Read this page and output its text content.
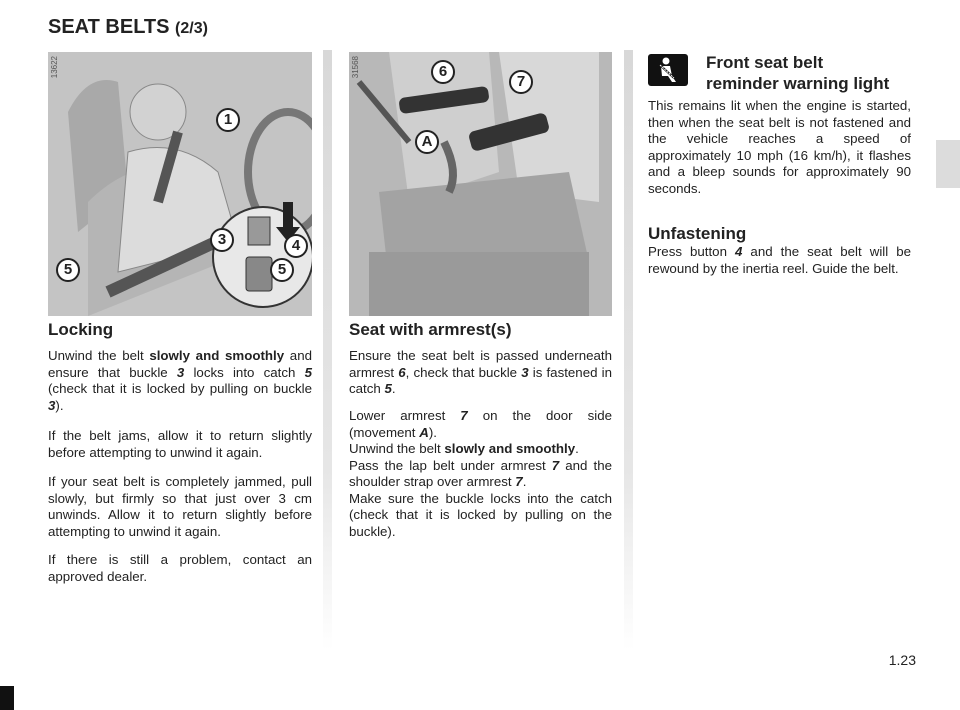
SEAT BELTS (2/3)
1
3	4
5	5
13622	6
7
A
31568
Locking
Unwind the belt slowly and smoothly and ensure that buckle 3 locks into catch 5 (check that it is locked by pulling on buckle 3).
If the belt jams, allow it to return slightly before attempting to unwind it again.
If your seat belt is completely jammed, pull slowly, but firmly so that just over 3 cm unwinds. Allow it to return slightly before attempting to unwind it again.
If there is still a problem, contact an approved dealer.
Seat with armrest(s)
Ensure the seat belt is passed underneath armrest 6, check that buckle 3 is fastened in catch 5.
Lower armrest 7 on the door side (movement A).
Unwind the belt slowly and smoothly.
Pass the lap belt under armrest 7 and the shoulder strap over armrest 7.
Make sure the buckle locks into the catch (check that it is locked by pulling on the buckle).
Front seat belt
reminder warning light
This remains lit when the engine is started, then when the seat belt is not fastened and the vehicle reaches a speed of approximately 10 mph (16 km/h), it flashes and a bleep sounds for approximately 90 seconds.
Unfastening
Press button 4 and the seat belt will be rewound by the inertia reel. Guide the belt.
1.23
